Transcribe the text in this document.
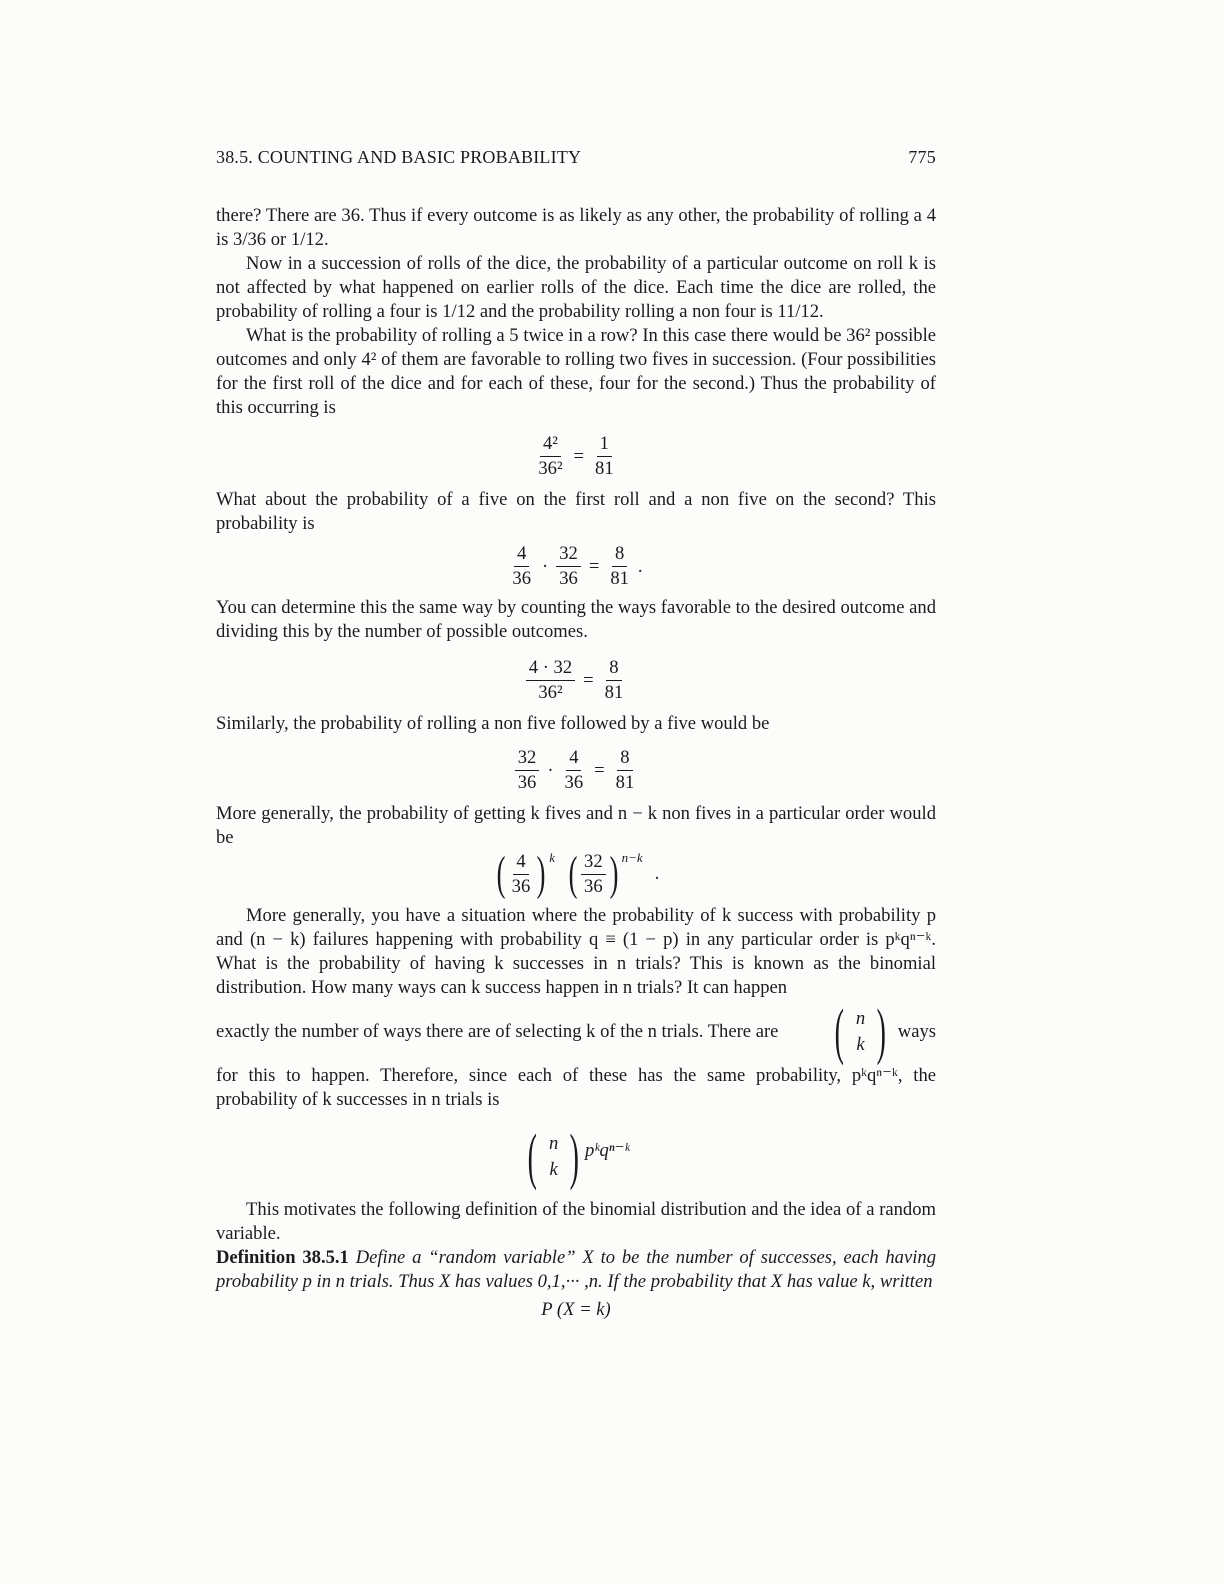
38.5. COUNTING AND BASIC PROBABILITY	775

there? There are 36. Thus if every outcome is as likely as any other, the probability of rolling a 4 is 3/36 or 1/12.

Now in a succession of rolls of the dice, the probability of a particular outcome on roll k is not affected by what happened on earlier rolls of the dice. Each time the dice are rolled, the probability of rolling a four is 1/12 and the probability rolling a non four is 11/12.

What is the probability of rolling a 5 twice in a row? In this case there would be 36² possible outcomes and only 4² of them are favorable to rolling two fives in succession. (Four possibilities for the first roll of the dice and for each of these, four for the second.) Thus the probability of this occurring is

$\frac{\text{4²}}{\text{36²}} = \frac{1}{81}$

What about the probability of a five on the first roll and a non five on the second? This probability is

$\frac{4}{36} \cdot \frac{32}{36} = \frac{8}{81}$ .

You can determine this the same way by counting the ways favorable to the desired outcome and dividing this by the number of possible outcomes.

$\frac{4 \cdot 32}{\text{36²}} = \frac{8}{81}$

Similarly, the probability of rolling a non five followed by a five would be

$\frac{32}{36} \cdot \frac{4}{36} = \frac{8}{81}$

More generally, the probability of getting k fives and n − k non fives in a particular order would be

( $\frac{4}{36}$ ) k ( $\frac{32}{36}$ ) n−k
.

More generally, you have a situation where the probability of k success with probability p and (n − k) failures happening with probability q ≡ (1 − p) in any particular order is pᵏqⁿ⁻ᵏ. What is the probability of having k successes in n trials? This is known as the binomial distribution. How many ways can k success happen in n trials? It can happen

exactly the number of ways there are of selecting k of the n trials. There are ( n
k ) ways

for this to happen. Therefore, since each of these has the same probability, pᵏqⁿ⁻ᵏ, the probability of k successes in n trials is

( n
k ) pᵏqⁿ⁻ᵏ

This motivates the following definition of the binomial distribution and the idea of a random variable.

Definition 38.5.1 Define a “random variable” X to be the number of successes, each having probability p in n trials. Thus X has values 0,1,··· ,n. If the probability that X has value k, written

P (X = k)
